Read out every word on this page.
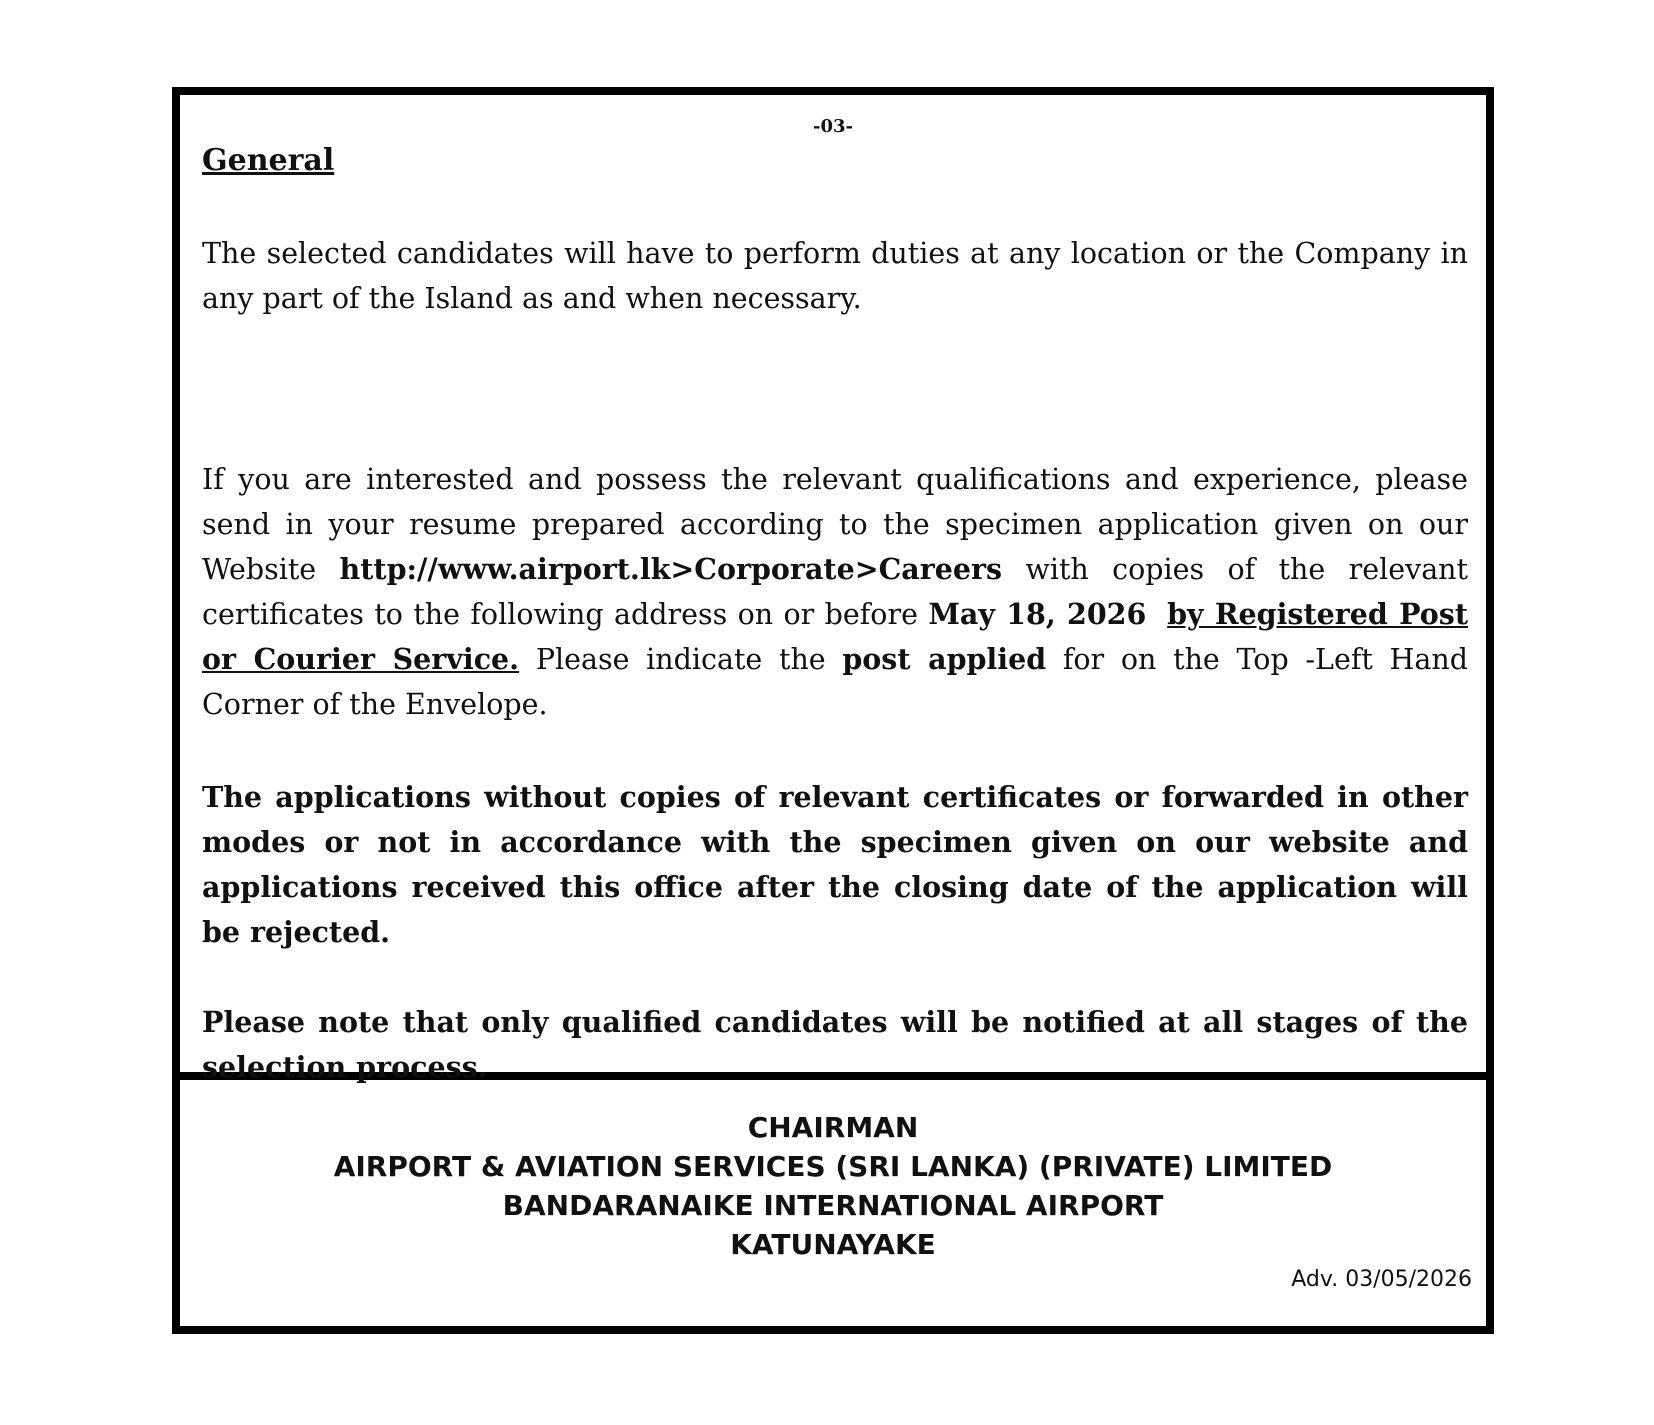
-03-
General

The selected candidates will have to perform duties at any location or the Company in any part of the Island as and when necessary.

If you are interested and possess the relevant qualifications and experience, please send in your resume prepared according to the specimen application given on our Website http://www.airport.lk>Corporate>Careers with copies of the relevant certificates to the following address on or before May 18, 2026 by Registered Post or Courier Service. Please indicate the post applied for on the Top -Left Hand Corner of the Envelope.

The applications without copies of relevant certificates or forwarded in other modes or not in accordance with the specimen given on our website and applications received this office after the closing date of the application will be rejected.

Please note that only qualified candidates will be notified at all stages of the selection process.

CHAIRMAN
AIRPORT & AVIATION SERVICES (SRI LANKA) (PRIVATE) LIMITED
BANDARANAIKE INTERNATIONAL AIRPORT
KATUNAYAKE
Adv. 03/05/2026
